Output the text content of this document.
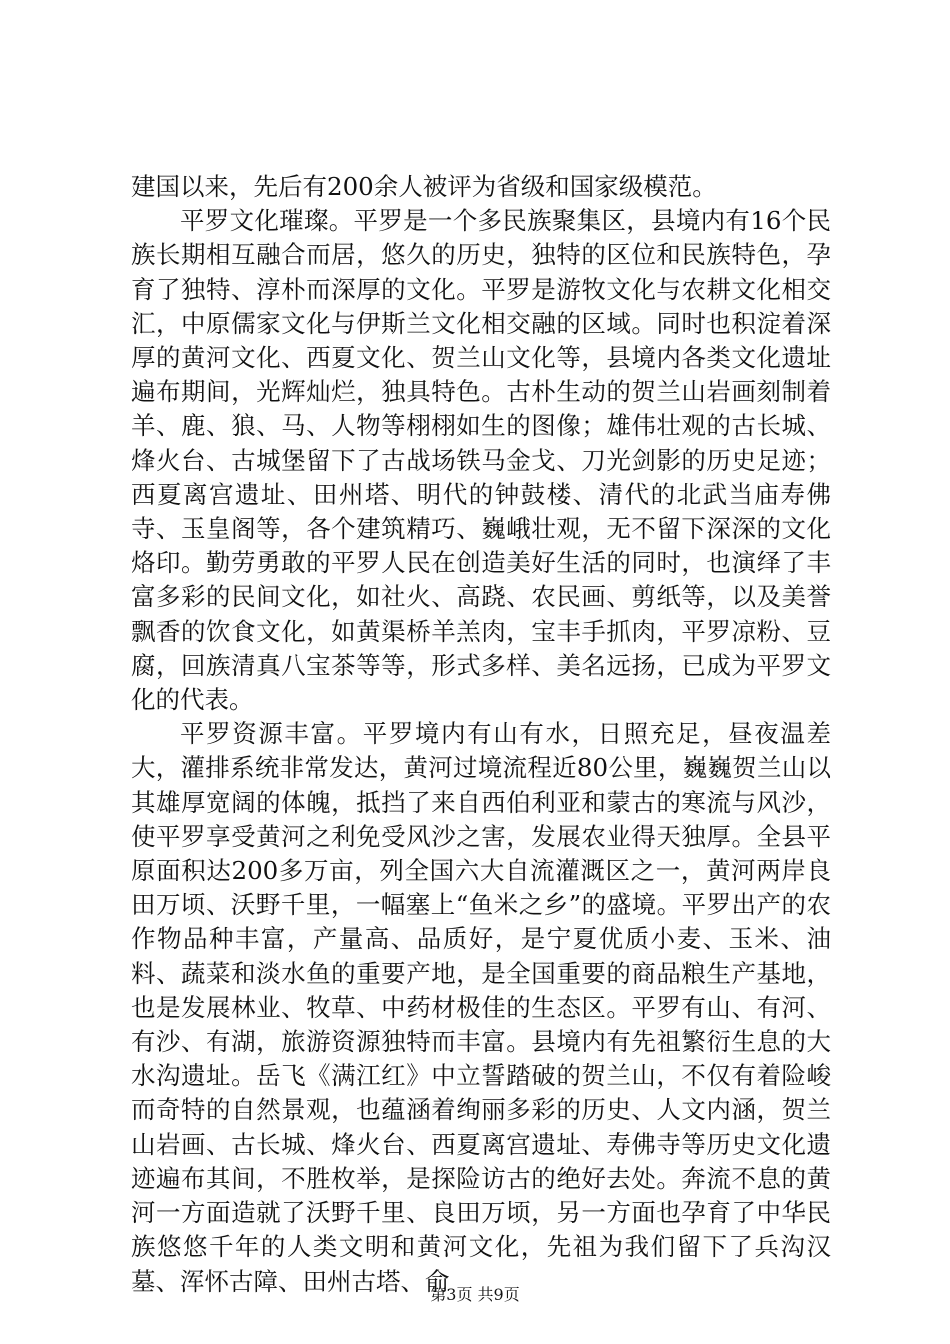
建国以来，先后有200余人被评为省级和国家级模范。

平罗文化璀璨。平罗是一个多民族聚集区，县境内有16个民族长期相互融合而居，悠久的历史，独特的区位和民族特色，孕育了独特、淳朴而深厚的文化。平罗是游牧文化与农耕文化相交汇，中原儒家文化与伊斯兰文化相交融的区域。同时也积淀着深厚的黄河文化、西夏文化、贺兰山文化等，县境内各类文化遗址遍布期间，光辉灿烂，独具特色。古朴生动的贺兰山岩画刻制着羊、鹿、狼、马、人物等栩栩如生的图像；雄伟壮观的古长城、烽火台、古城堡留下了古战场铁马金戈、刀光剑影的历史足迹；西夏离宫遗址、田州塔、明代的钟鼓楼、清代的北武当庙寿佛寺、玉皇阁等，各个建筑精巧、巍峨壮观，无不留下深深的文化烙印。勤劳勇敢的平罗人民在创造美好生活的同时，也演绎了丰富多彩的民间文化，如社火、高跷、农民画、剪纸等，以及美誉飘香的饮食文化，如黄渠桥羊羔肉，宝丰手抓肉，平罗凉粉、豆腐，回族清真八宝茶等等，形式多样、美名远扬，已成为平罗文化的代表。

平罗资源丰富。平罗境内有山有水，日照充足，昼夜温差大，灌排系统非常发达，黄河过境流程近80公里，巍巍贺兰山以其雄厚宽阔的体魄，抵挡了来自西伯利亚和蒙古的寒流与风沙，使平罗享受黄河之利免受风沙之害，发展农业得天独厚。全县平原面积达200多万亩，列全国六大自流灌溉区之一，黄河两岸良田万顷、沃野千里，一幅塞上“鱼米之乡”的盛境。平罗出产的农作物品种丰富，产量高、品质好，是宁夏优质小麦、玉米、油料、蔬菜和淡水鱼的重要产地，是全国重要的商品粮生产基地，也是发展林业、牧草、中药材极佳的生态区。平罗有山、有河、有沙、有湖，旅游资源独特而丰富。县境内有先祖繁衍生息的大水沟遗址。岳飞《满江红》中立誓踏破的贺兰山，不仅有着险峻而奇特的自然景观，也蕴涵着绚丽多彩的历史、人文内涵，贺兰山岩画、古长城、烽火台、西夏离宫遗址、寿佛寺等历史文化遗迹遍布其间，不胜枚举，是探险访古的绝好去处。奔流不息的黄河一方面造就了沃野千里、良田万顷，另一方面也孕育了中华民族悠悠千年的人类文明和黄河文化，先祖为我们留下了兵沟汉墓、浑怀古障、田州古塔、俞

第3页 共9页
